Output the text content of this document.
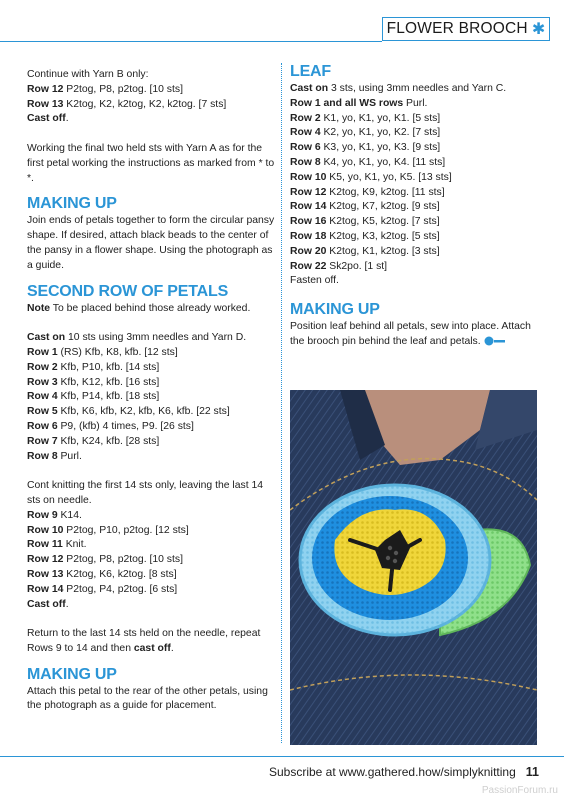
FLOWER BROOCH ✱

Continue with Yarn B only:

Row 12 P2tog, P8, p2tog. [10 sts]

Row 13 K2tog, K2, k2tog, K2, k2tog. [7 sts]

Cast off.

Working the final two held sts with Yarn A as for the first petal working the instructions as marked from * to *.

MAKING UP

Join ends of petals together to form the circular pansy shape. If desired, attach black beads to the center of the pansy in a flower shape. Using the photograph as a guide.

SECOND ROW OF PETALS

Note To be placed behind those already worked.

Cast on 10 sts using 3mm needles and Yarn D.

Row 1 (RS) Kfb, K8, kfb. [12 sts]

Row 2 Kfb, P10, kfb. [14 sts]

Row 3 Kfb, K12, kfb. [16 sts]

Row 4 Kfb, P14, kfb. [18 sts]

Row 5 Kfb, K6, kfb, K2, kfb, K6, kfb. [22 sts]

Row 6 P9, (kfb) 4 times, P9. [26 sts]

Row 7 Kfb, K24, kfb. [28 sts]

Row 8 Purl.

Cont knitting the first 14 sts only, leaving the last 14 sts on needle.

Row 9 K14.

Row 10 P2tog, P10, p2tog. [12 sts]

Row 11 Knit.

Row 12 P2tog, P8, p2tog. [10 sts]

Row 13 K2tog, K6, k2tog. [8 sts]

Row 14 P2tog, P4, p2tog. [6 sts]

Cast off.

Return to the last 14 sts held on the needle, repeat Rows 9 to 14 and then cast off.

MAKING UP

Attach this petal to the rear of the other petals, using the photograph as a guide for placement.

LEAF

Cast on 3 sts, using 3mm needles and Yarn C.

Row 1 and all WS rows Purl.

Row 2 K1, yo, K1, yo, K1. [5 sts]

Row 4 K2, yo, K1, yo, K2. [7 sts]

Row 6 K3, yo, K1, yo, K3. [9 sts]

Row 8 K4, yo, K1, yo, K4. [11 sts]

Row 10 K5, yo, K1, yo, K5. [13 sts]

Row 12 K2tog, K9, k2tog. [11 sts]

Row 14 K2tog, K7, k2tog. [9 sts]

Row 16 K2tog, K5, k2tog. [7 sts]

Row 18 K2tog, K3, k2tog. [5 sts]

Row 20 K2tog, K1, k2tog. [3 sts]

Row 22 Sk2po. [1 st]

Fasten off.

MAKING UP

Position leaf behind all petals, sew into place. Attach the brooch pin behind the leaf and petals.

Subscribe at www.gathered.how/simplyknitting 11
PassionForum.ru
